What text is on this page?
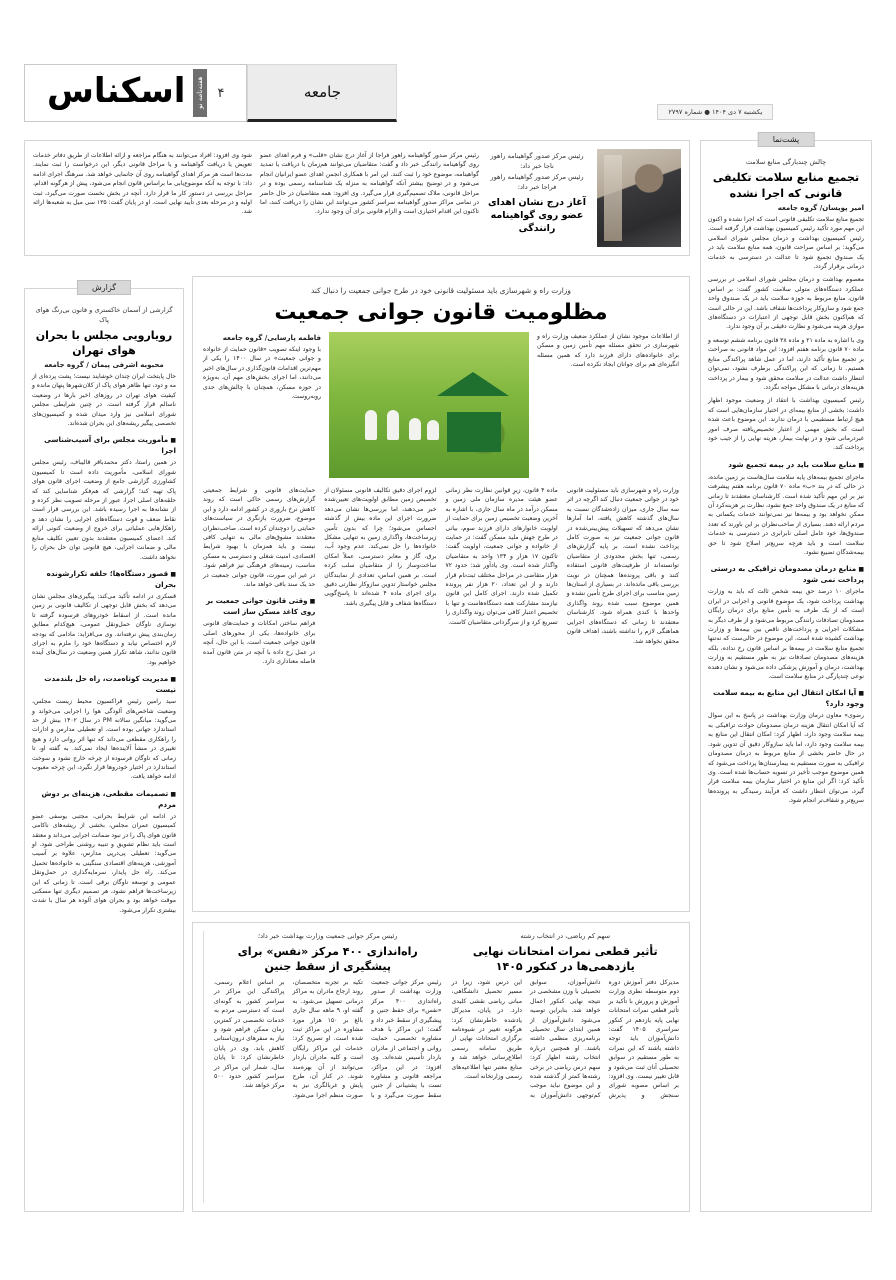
اسکناس	هفته‌نامه نو	۴	جامعه
یکشنبه ۷ دی ۱۴۰۴ ● شماره ۲۷۹۷
پشت‌نما
چالش چندبارگی منابع سلامت
تجمیع منابع سلامت تکلیفی
قانونی که اجرا نشده
امیر پویسان/ گروه جامعه

تجمیع منابع سلامت تکلیفی قانونی است که اجرا نشده و اکنون این مهم مورد تأکید رئیس کمیسیون بهداشت قرار گرفته است. رئیس کمیسیون بهداشت و درمان مجلس شورای اسلامی می‌گوید: بر اساس صراحت قانون، همه منابع سلامت باید در یک صندوق تجمیع شود تا عدالت در دسترسی به خدمات درمانی برقرار گردد.

معصوم بهداشت و درمان مجلس شورای اسلامی در بررسی عملکرد دستگاه‌های متولی سلامت کشور گفت: بر اساس قانون، منابع مربوط به حوزه سلامت باید در یک صندوق واحد جمع شود و سازوکار پرداخت‌ها شفاف باشد. این در حالی است که هم‌اکنون بخش قابل توجهی از اعتبارات در دستگاه‌های موازی هزینه می‌شود و نظارت دقیقی بر آن وجود ندارد.

وی با اشاره به ماده ۲۱ و ماده ۳۸ قانون برنامه ششم توسعه و ماده ۷۰ قانون برنامه هفتم افزود: این مواد قانونی به صراحت بر تجمیع منابع تأکید دارند، اما در عمل شاهد پراکندگی منابع هستیم. تا زمانی که این پراکندگی برطرف نشود، نمی‌توان انتظار داشت عدالت در سلامت محقق شود و بیمار در پرداخت هزینه‌های درمانی با مشکل مواجه نگردد.

رئیس کمیسیون بهداشت با انتقاد از وضعیت موجود اظهار داشت: بخشی از منابع بیمه‌ای در اختیار سازمان‌هایی است که هیچ ارتباط مستقیمی با درمان ندارند. این موضوع باعث شده است که بخش مهمی از اعتبار تخصیص‌یافته صرف امور غیردرمانی شود و در نهایت بیمار، هزینه نهایی را از جیب خود پرداخت کند.

■ منابع سلامت باید در بیمه تجمیع شود

ماجرای تجمیع بیمه‌های پایه سلامت سال‌هاست بر زمین مانده، در حالی که در بند «ب» ماده ۷۰ قانون برنامه هفتم پیشرفت نیز بر این مهم تأکید شده است. کارشناسان معتقدند تا زمانی که منابع در یک صندوق واحد جمع نشود، نظارت بر هزینه‌کرد آن ممکن نخواهد بود و بیمه‌ها نیز نمی‌توانند خدمات یکسانی به مردم ارائه دهند. بسیاری از صاحب‌نظران بر این باورند که تعدد صندوق‌ها، خود عامل اصلی نابرابری در دسترسی به خدمات سلامت است و باید هرچه سریع‌تر اصلاح شود تا حق بیمه‌شدگان تضییع نشود.

■ منابع درمان مصدومان ترافیکی به درستی پرداخت نمی شود

ماجرای ۱۰ درصد حق بیمه شخص ثالث که باید به وزارت بهداشت پرداخت شود، یک موضوع قانونی و اجرایی در ایران است که از یک طرف به تأمین منابع برای درمان رایگان مصدومان تصادفات رانندگی مربوط می‌شود و از طرف دیگر به مشکلات اجرایی و پرداخت‌های ناقص بین بیمه‌ها و وزارت بهداشت کشیده شده است. این موضوع در حالی‌ست که نه‌تنها تجمیع منابع سلامت در بیمه‌ها بر اساس قانون رخ نداده، بلکه هزینه‌های مصدومان تصادفات نیز به طور مستقیم به وزارت بهداشت، درمان و آموزش پزشکی داده می‌شود و نشان دهنده نوعی چندپارگی در منابع سلامت است.

■ آیا امکان انتقال این منابع به بیمه سلامت وجود دارد؟

رضوی» معاون درمان وزارت بهداشت در پاسخ به این سوال که آیا امکان انتقال هزینه درمان مصدومان حوادث ترافیکی به بیمه سلامت وجود دارد، اظهار کرد: امکان انتقال این منابع به بیمه سلامت وجود دارد، اما باید سازوکار دقیق آن تدوین شود. در حال حاضر بخشی از منابع مربوط به درمان مصدومان ترافیکی به صورت مستقیم به بیمارستان‌ها پرداخت می‌شود که همین موضوع موجب تأخیر در تسویه حساب‌ها شده است. وی تأکید کرد: اگر این منابع در اختیار سازمان بیمه سلامت قرار گیرد، می‌توان انتظار داشت که فرآیند رسیدگی به پرونده‌ها سریع‌تر و شفاف‌تر انجام شود.

رئیس مرکز صدور گواهینامه راهور ناجا خبر داد:
رئیس مرکز صدور گواهینامه راهور فراجا خبر داد:
آغاز درج نشان اهدای عضو روی گواهینامه رانندگی

رئیس مرکز صدور گواهینامه راهور فراجا از آغاز درج نشان «قلب» و فرم اهدای عضو روی گواهینامه رانندگی خبر داد و گفت: متقاضیان می‌توانند هم‌زمان با دریافت یا تمدید گواهینامه، موضوع خود را ثبت کنند. این امر با همکاری انجمن اهدای عضو ایرانیان انجام می‌شود و در توضیح بیشتر آنکه گواهینامه به منزله یک شناسنامه رسمی بوده و در مراحل قانونی، ملاک تصمیم‌گیری قرار می‌گیرد. وی افزود: همه متقاضیان در حال حاضر در تمامی مراکز صدور گواهینامه سراسر کشور می‌توانند این نشان را دریافت کنند، اما تاکنون این اقدام اختیاری است و الزام قانونی برای آن وجود ندارد.

شود وی افزود: افراد می‌توانند به هنگام مراجعه و ارائه اطلاعات از طریق دفاتر خدمات تعویض یا دریافت گواهینامه و یا مراحل قانونی دیگر، این درخواست را ثبت نمایند. مدت‌ها است هر مرکز اهدای گواهینامه روی آن جانمایی خواهد شد. سرهنگ اجرای ادامه داد: با توجه به آنکه موضوع‌یابی ما براساس قانون انجام می‌شود، پیش از هرگونه اقدام، مراحل بررسی در دستور کار ما قرار دارد. آنچه در بخش نخست صورت می‌گیرد، ثبت اولیه و در مرحله بعدی تأیید نهایی است. او در پایان گفت: ۱۳۵ سی میل به شعبه‌ها ارائه شد.

وزارت راه و شهرسازی باید مسئولیت قانونی خود در طرح جوانی جمعیت را دنبال کند
مظلومیت قانون جوانی جمعیت
فاطمه پارسایی/ گروه جامعه

با وجود اینکه تصویب «قانون حمایت از خانواده و جوانی جمعیت» در سال ۱۴۰۰ را یکی از مهم‌ترین اقدامات قانون‌گذاری در سال‌های اخیر می‌دانند، اما اجرای بخش‌های مهم آن، به‌ویژه در حوزه مسکن، همچنان با چالش‌های جدی روبه‌روست.

از اطلاعات موجود نشان از عملکرد ضعیف وزارت راه و شهرسازی در تحقق مسئله مهم تأمین زمین و مسکن برای خانواده‌های دارای فرزند دارد که همین مسئله انگیزه‌ای هم برای جوانان ایجاد نکرده است.

حمایت‌های قانونی و شرایط جمعیتی گزارش‌های رسمی حاکی است که روند کاهش نرخ باروری در کشور ادامه دارد و این موضوع، ضرورت بازنگری در سیاست‌های حمایتی را دوچندان کرده است. صاحب‌نظران معتقدند مشوق‌های مالی به تنهایی کافی نیست و باید همزمان با بهبود شرایط اقتصادی، امنیت شغلی و دسترسی به مسکن مناسب، زمینه‌های فرهنگی نیز فراهم شود. در غیر این صورت، قانون جوانی جمعیت در حد یک سند باقی خواهد ماند.

■ وقتی قانون جوانی جمعیت بر روی کاغذ مسکن ساز است

فراهم ساختن امکانات و حمایت‌های قانونی برای خانواده‌ها، یکی از محورهای اصلی قانون جوانی جمعیت است. با این حال، آنچه در عمل رخ داده با آنچه در متن قانون آمده فاصله معناداری دارد.

لزوم اجرای دقیق تکالیف قانونی مسئولان از تخصیص زمین مطابق اولویت‌های تعیین‌شده خبر می‌دهند، اما بررسی‌ها نشان می‌دهد ضرورت اجرای این ماده بیش از گذشته احساس می‌شود؛ چرا که بدون تأمین زیرساخت‌ها، واگذاری زمین به تنهایی مشکل خانواده‌ها را حل نمی‌کند. عدم وجود آب، برق، گاز و معابر دسترسی، عملاً امکان ساخت‌وساز را از متقاضیان سلب کرده است. بر همین اساس، تعدادی از نمایندگان مجلس خواستار تدوین سازوکار نظارتی دقیق برای اجرای ماده ۴ شده‌اند تا پاسخ‌گویی دستگاه‌ها شفاف و قابل پیگیری باشد.

ماده ۴ قانون، زیرِ قوانین نظارت نظر زمانی عضو هیئت مدیره سازمان ملی زمین و مسکن درآمد در ماه سال جاری، با اشاره به آخرین وضعیت تخصیص زمین برای حمایت از اولویت خانوارهای دارای فرزند سوم، بیانی در طرح جهش ملید مسکن گفت: در حمایت از خانواده و جوانی جمعیت، اولویت گفت: تاکنون ۱۷ هزار و ۱۳۴ واحد به متقاضیان واگذار شده است. وی یادآور شد: حدود ۷۲ هزار متقاضی در مراحل مختلف ثبت‌نام قرار دارند و از این تعداد، ۲۰ هزار نفر پرونده تکمیل شده دارند. اجرای کامل این قانون نیازمند مشارکت همه دستگاه‌هاست و تنها با تخصیص اعتبار کافی می‌توان روند واگذاری را تسریع کرد و از سرگردانی متقاضیان کاست.

وزارت راه و شهرسازی باید مسئولیت قانونی خود در جوانی جمعیت دنبال کند اگرچه در اثر سه سال جاری، میزان زاده‌شدگان نسبت به سال‌های گذشته کاهش یافته، اما آمارها نشان می‌دهد که تسهیلات پیش‌بینی‌شده در قانون جوانی جمعیت نیز به صورت کامل پرداخت نشده است. بر پایه گزارش‌های رسمی، تنها بخش محدودی از متقاضیان توانسته‌اند از ظرفیت‌های قانونی استفاده کنند و باقی پرونده‌ها همچنان در نوبت بررسی باقی مانده‌اند. در بسیاری از استان‌ها زمین مناسب برای اجرای طرح تأمین نشده و همین موضوع سبب شده روند واگذاری واحدها با کندی همراه شود. کارشناسان معتقدند تا زمانی که دستگاه‌های اجرایی هماهنگی لازم را نداشته باشند، اهداف قانون محقق نخواهد شد.

گزارش
گزارشی از آسمان خاکستری و قانون بی‌رنگ هوای پاک
رویارویی مجلس با بحران هوای تهران
محبوبه اشرفی پیمان / گروه جامعه

حال پایتخت ایران چندان خوشایند نیست؛ پشت پرده‌ای از مه و دود، تنها ظاهر هوای پاک از کلان‌شهرها پنهان مانده و کیفیت هوای تهران در روزهای اخیر بارها در وضعیت ناسالم قرار گرفته است. در چنین شرایطی مجلس شورای اسلامی نیز وارد میدان شده و کمیسیون‌های تخصصی پیگیر ریشه‌های این بحران شده‌اند.

■ مأموریت مجلس برای آسیب‌شناسی اجرا

در همین راستا، دکتر محمدباقر قالیباف، رئیس مجلس شورای اسلامی، مأموریت داده است تا کمیسیون کشاورزی گزارشی جامع از وضعیت اجرای قانون هوای پاک تهیه کند؛ گزارشی که هم‌فکر شناسایی کند که حلقه‌های اصلی اجرا، عبور از مرحله تصویب نظر کرده و از نشانه‌ها به اجرا رسیده باشد. این بررسی قرار است نقاط ضعف و قوت دستگاه‌های اجرایی را نشان دهد و راهکارهایی عملیاتی برای خروج از وضعیت کنونی ارائه کند. اعضای کمیسیون معتقدند بدون تعیین تکلیف منابع مالی و ضمانت اجرایی، هیچ قانونی توان حل بحران را نخواهد داشت.

■ قصور دستگاه‌ها؛ حلقه تکرارشونده بحران

قسکری در ادامه تأکید می‌کند: پیگیری‌های مجلس نشان می‌دهد که بخش قابل توجهی از تکالیف قانونی بر زمین مانده است. از اسقاط خودروهای فرسوده گرفته تا نوسازی ناوگان حمل‌ونقل عمومی، هیچ‌کدام مطابق زمان‌بندی پیش نرفته‌اند. وی می‌افزاید: مادامی که بودجه لازم اختصاص نیابد و دستگاه‌ها خود را ملزم به اجرای قانون ندانند، شاهد تکرار همین وضعیت در سال‌های آینده خواهیم بود.

■ مدیریت کوتاه‌مدت، راه حل بلندمدت نیست

سید رامین رئیس فراکسیون محیط زیست مجلس، وضعیت شاخص‌های آلودگی هوا را اجرایی می‌خواند و می‌گوید: میانگین سالانه PM در سال ۱۴۰۲ بیش از حد استاندارد جهانی بوده است. او تعطیلی مدارس و ادارات را راهکاری مقطعی می‌داند که تنها اثر روانی دارد و هیچ تغییری در منشأ آلاینده‌ها ایجاد نمی‌کند. به گفته او، تا زمانی که ناوگان فرسوده از چرخه خارج نشود و سوخت استاندارد در اختیار خودروها قرار نگیرد، این چرخه معیوب ادامه خواهد یافت.

■ تصمیمات مقطعی، هزینه‌ای بر دوش مردم

در ادامه این شرایط بحرانی، مجتبی یوسفی عضو کمیسیون عمران مجلس، بخشی از ریشه‌های ناکامی قانون هوای پاک را در نبود ضمانت اجرایی می‌داند و معتقد است باید نظام تشویق و تنبیه روشنی طراحی شود. او می‌گوید: تعطیلی پی‌درپی مدارس، علاوه بر آسیب آموزشی، هزینه‌های اقتصادی سنگینی به خانواده‌ها تحمیل می‌کند. راه حل پایدار، سرمایه‌گذاری در حمل‌ونقل عمومی و توسعه ناوگان برقی است. تا زمانی که این زیرساخت‌ها فراهم نشود، هر تصمیم دیگری تنها مسکنی موقت خواهد بود و بحران هوای آلوده هر سال با شدت بیشتری تکرار می‌شود.

رئیس مرکز جوانی جمعیت وزارت بهداشت خبر داد؛
راه‌اندازی ۴۰۰ مرکز «نفس» برای پیشگیری از سقط جنین

رئیس مرکز جوانی جمعیت وزارت بهداشت از صدور راه‌اندازی ۴۰۰ مرکز «نفس» برای حفظ جنین و پیشگیری از سقط خبر داد و گفت: این مراکز با هدف مشاوره تخصصی، حمایت روانی و اجتماعی از مادران باردار تأسیس شده‌اند. وی افزود: در این مراکز، مراجعه قانونی و مشاوره تست با پشتیبانی از جنین سقط صورت می‌گیرد و با تکیه بر تجربه متخصصان، روند ارجاع مادران به مراکز درمانی تسهیل می‌شود. به گفته او، ۹ ماهه سال جاری بالغ بر ۱۵۰ هزار مورد مشاوره در این مراکز ثبت شده است. او تصریح کرد: خدمات این مراکز رایگان است و کلیه مادران باردار می‌توانند از آن بهره‌مند شوند. در کنار آن، طرح پایش و غربالگری نیز به صورت منظم اجرا می‌شود. بر اساس اعلام رسمی، پراکندگی این مراکز در سراسر کشور به گونه‌ای است که دسترسی مردم به خدمات تخصصی در کمترین زمان ممکن فراهم شود و نیاز به سفرهای درون‌استانی کاهش یابد. وی در پایان خاطرنشان کرد: تا پایان سال، شمار این مراکز در سراسر کشور حدود ۵۰۰ مرکز خواهد شد.

سهم کم ریاضی، در انتخاب رشته
تأثیر قطعی نمرات امتحانات نهایی یازدهمی‌ها در کنکور ۱۴۰۵

مدیرکل دفتر آموزش دوره دوم متوسطه نظری وزارت آموزش و پرورش با تأکید بر تأثیر قطعی نمرات امتحانات نهایی پایه یازدهم در کنکور سراسری ۱۴۰۵ گفت: دانش‌آموزان باید توجه داشته باشند که این نمرات به طور مستقیم در سوابق تحصیلی آنان ثبت می‌شود و قابل تغییر نیست. وی افزود: بر اساس مصوبه شورای سنجش و پذیرش دانش‌آموزان، سوابق تحصیلی با وزن مشخصی در نتیجه نهایی کنکور اعمال خواهد شد. بنابراین توصیه می‌شود دانش‌آموزان از همین ابتدای سال تحصیلی برنامه‌ریزی منظمی داشته باشند. او همچنین درباره انتخاب رشته اظهار کرد: سهم درس ریاضی در برخی رشته‌ها کمتر از گذشته شده و این موضوع نباید موجب کم‌توجهی دانش‌آموزان به این درس شود، زیرا در مسیر تحصیل دانشگاهی، مبانی ریاضی نقشی کلیدی دارد. در پایان، مدیرکل یادشده خاطرنشان کرد: هرگونه تغییر در شیوه‌نامه برگزاری امتحانات نهایی از طریق سامانه رسمی اطلاع‌رسانی خواهد شد و منابع معتبر تنها اطلاعیه‌های رسمی وزارتخانه است.
